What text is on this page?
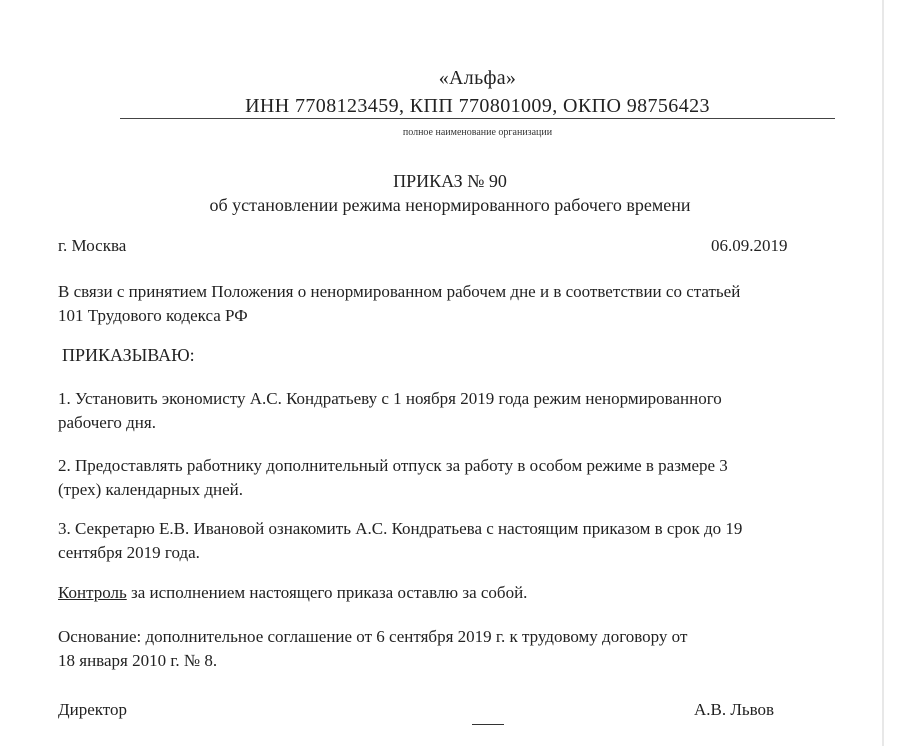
«Альфа»
ИНН 7708123459, КПП 770801009, ОКПО 98756423
полное наименование организации
ПРИКАЗ № 90
об установлении режима ненормированного рабочего времени
г. Москва	06.09.2019
В связи с принятием Положения о ненормированном рабочем дне и в соответствии со статьей
101 Трудового кодекса РФ
ПРИКАЗЫВАЮ:
1. Установить экономисту А.С. Кондратьеву с 1 ноября 2019 года режим ненормированного
рабочего дня.
2. Предоставлять работнику дополнительный отпуск за работу в особом режиме в размере 3
(трех) календарных дней.
3. Секретарю Е.В. Ивановой ознакомить А.С. Кондратьева с настоящим приказом в срок до 19
сентября 2019 года.
Контроль за исполнением настоящего приказа оставлю за собой.
Основание: дополнительное соглашение от 6 сентября 2019 г. к трудовому договору от
18 января 2010 г. № 8.
Директор	А.В. Львов
